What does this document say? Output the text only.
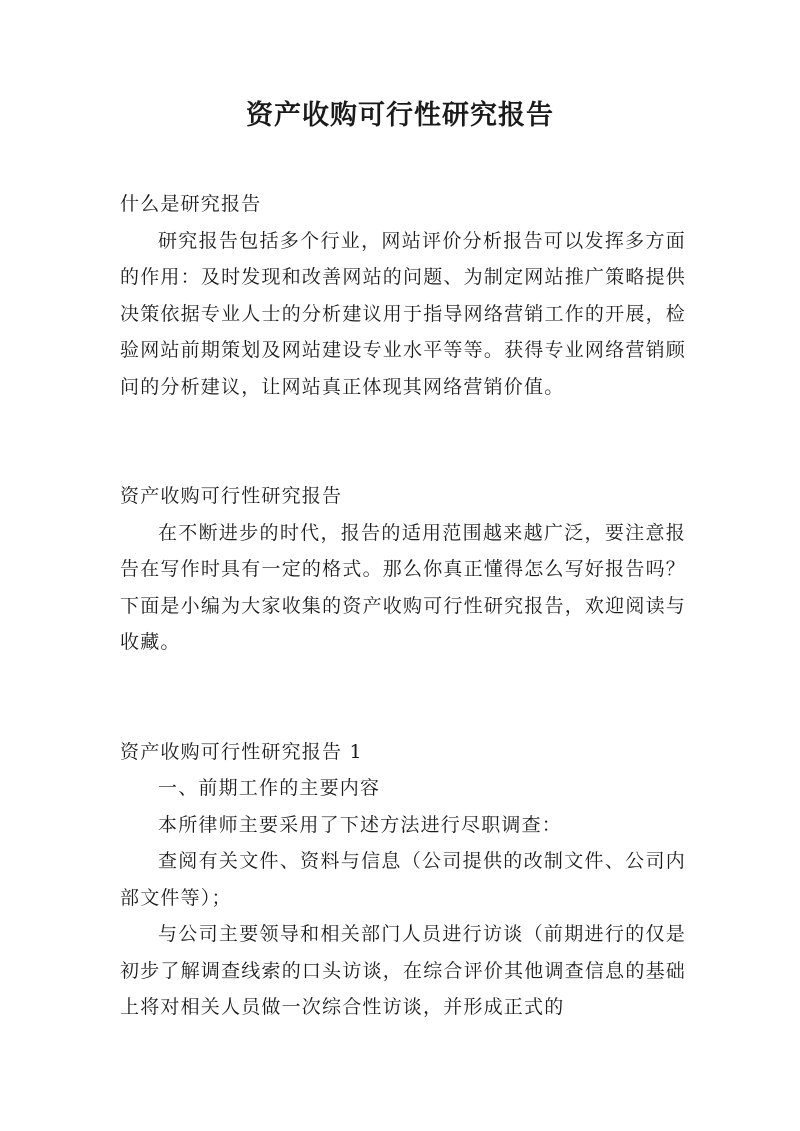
资产收购可行性研究报告

什么是研究报告

研究报告包括多个行业，网站评价分析报告可以发挥多方面的作用：及时发现和改善网站的问题、为制定网站推广策略提供决策依据专业人士的分析建议用于指导网络营销工作的开展，检验网站前期策划及网站建设专业水平等等。获得专业网络营销顾问的分析建议，让网站真正体现其网络营销价值。

资产收购可行性研究报告

在不断进步的时代，报告的适用范围越来越广泛，要注意报告在写作时具有一定的格式。那么你真正懂得怎么写好报告吗？下面是小编为大家收集的资产收购可行性研究报告，欢迎阅读与收藏。

资产收购可行性研究报告 1

一、前期工作的主要内容

本所律师主要采用了下述方法进行尽职调查：

查阅有关文件、资料与信息（公司提供的改制文件、公司内部文件等）；

与公司主要领导和相关部门人员进行访谈（前期进行的仅是初步了解调查线索的口头访谈，在综合评价其他调查信息的基础上将对相关人员做一次综合性访谈，并形成正式的
